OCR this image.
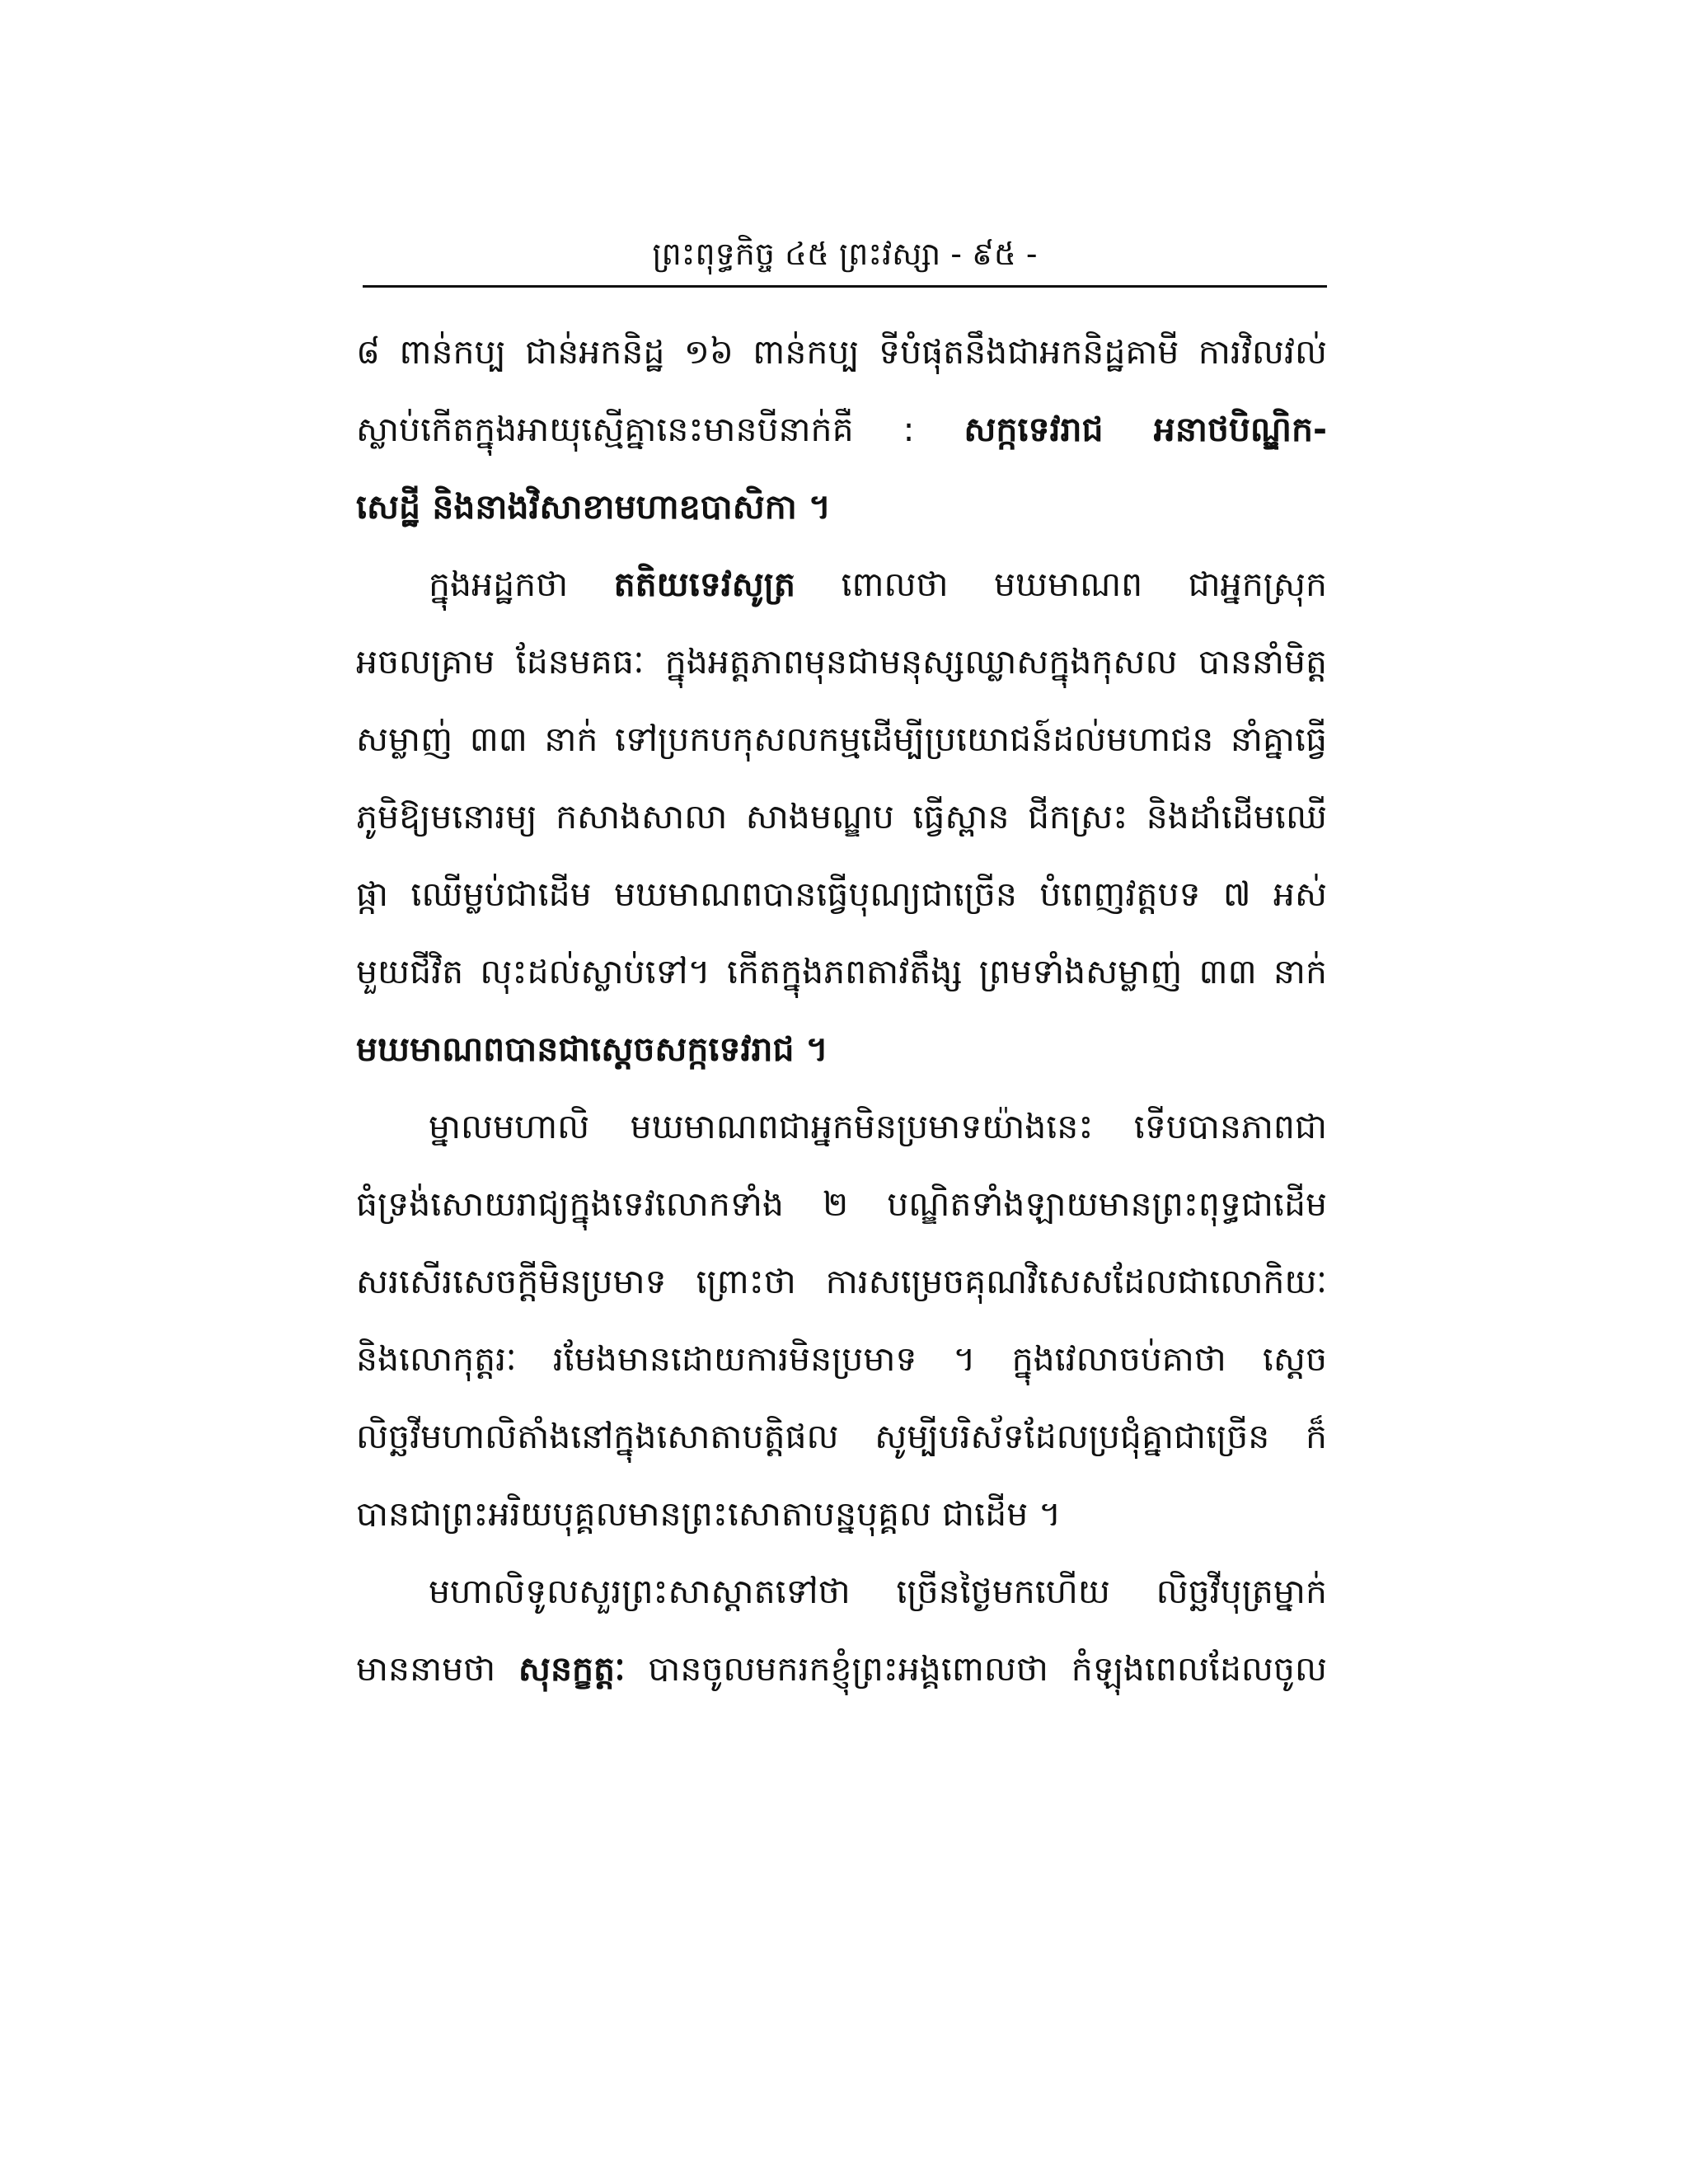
ព្រះពុទ្ធកិច្ច ៤៥ ព្រះវស្សា - ៩៥ -
៨ ពាន់កប្ប ជាន់អកនិដ្ឋ ១៦ ពាន់កប្ប ទីបំផុតនឹងជាអកនិដ្ឋគាមី ការវិលវល់
ស្លាប់កើតក្នុងអាយុស្មើគ្នានេះមានបីនាក់គឺ : សក្កទេវរាជ អនាថបិណ្ឌិក-
សេដ្ឋី និងនាងវិសាខាមហាឧបាសិកា ។
ក្នុងអដ្ឋកថា តតិយទេវសូត្រ ពោលថា មឃមាណព ជាអ្នកស្រុក
អចលគ្រាម ដែនមគធៈ ក្នុងអត្តភាពមុនជាមនុស្សឈ្លាសក្នុងកុសល បាននាំមិត្ត
សម្លាញ់ ៣៣ នាក់ ទៅប្រកបកុសលកម្មដើម្បីប្រយោជន៍ដល់មហាជន នាំគ្នាធ្វើ
ភូមិឱ្យមនោរម្យ កសាងសាលា សាងមណ្ឌប ធ្វើស្ពាន ជីកស្រះ និងដាំដើមឈើ
ផ្កា ឈើម្លប់ជាដើម មឃមាណពបានធ្វើបុណ្យជាច្រើន បំពេញវត្តបទ ៧ អស់
មួយជីវិត លុះដល់ស្លាប់ទៅ។ កើតក្នុងភពតាវតឹង្ស ព្រមទាំងសម្លាញ់ ៣៣ នាក់
មឃមាណពបានជាស្ដេចសក្កទេវរាជ ។
ម្នាលមហាលិ មឃមាណពជាអ្នកមិនប្រមាទយ៉ាងនេះ ទើបបានភាពជា
ធំទ្រង់សោយរាជ្យក្នុងទេវលោកទាំង ២ បណ្ឌិតទាំងឡាយមានព្រះពុទ្ធជាដើម
សរសើរសេចក្ដីមិនប្រមាទ ព្រោះថា ការសម្រេចគុណវិសេសដែលជាលោកិយៈ
និងលោកុត្តរៈ រមែងមានដោយការមិនប្រមាទ ។ ក្នុងវេលាចប់គាថា ស្ដេច
លិច្ឆវីមហាលិតាំងនៅក្នុងសោតាបត្តិផល សូម្បីបរិស័ទដែលប្រជុំគ្នាជាច្រើន ក៏
បានជាព្រះអរិយបុគ្គលមានព្រះសោតាបន្នបុគ្គល ជាដើម ។
មហាលិទូលសួរព្រះសាស្ដាតទៅថា ច្រើនថ្ងៃមកហើយ លិច្ឆវីបុត្រម្នាក់
មាននាមថា សុនក្ខត្តៈ បានចូលមករកខ្ញុំព្រះអង្គពោលថា កំឡុងពេលដែលចូល
